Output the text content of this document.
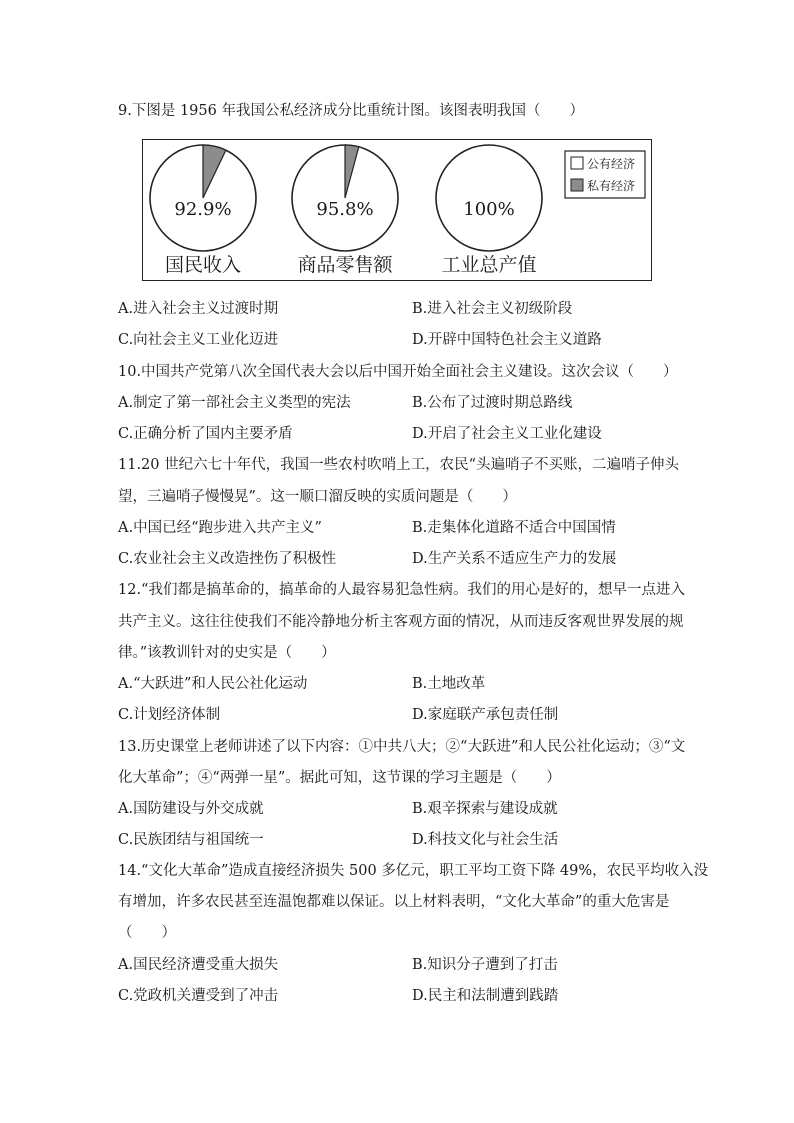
9.下图是 1956 年我国公私经济成分比重统计图。该图表明我国（　　）
92.9%
国民收入
95.8%
商品零售额
100%
工业总产值
公有经济
私有经济
A.进入社会主义过渡时期	B.进入社会主义初级阶段
C.向社会主义工业化迈进	D.开辟中国特色社会主义道路
10.中国共产党第八次全国代表大会以后中国开始全面社会主义建设。这次会议（　　）
A.制定了第一部社会主义类型的宪法	B.公布了过渡时期总路线
C.正确分析了国内主要矛盾	D.开启了社会主义工业化建设
11.20 世纪六七十年代，我国一些农村吹哨上工，农民“头遍哨子不买账，二遍哨子伸头
望，三遍哨子慢慢晃”。这一顺口溜反映的实质问题是（　　）
A.中国已经“跑步进入共产主义”	B.走集体化道路不适合中国国情
C.农业社会主义改造挫伤了积极性	D.生产关系不适应生产力的发展
12.“我们都是搞革命的，搞革命的人最容易犯急性病。我们的用心是好的，想早一点进入
共产主义。这往往使我们不能冷静地分析主客观方面的情况，从而违反客观世界发展的规
律。”该教训针对的史实是（　　）
A.“大跃进”和人民公社化运动	B.土地改革
C.计划经济体制	D.家庭联产承包责任制
13.历史课堂上老师讲述了以下内容：①中共八大；②“大跃进”和人民公社化运动；③“文
化大革命”；④“两弹一星”。据此可知，这节课的学习主题是（　　）
A.国防建设与外交成就	B.艰辛探索与建设成就
C.民族团结与祖国统一	D.科技文化与社会生活
14.“文化大革命”造成直接经济损失 500 多亿元，职工平均工资下降 49%，农民平均收入没
有增加，许多农民甚至连温饱都难以保证。以上材料表明，“文化大革命”的重大危害是
（　　）
A.国民经济遭受重大损失	B.知识分子遭到了打击
C.党政机关遭受到了冲击	D.民主和法制遭到践踏
